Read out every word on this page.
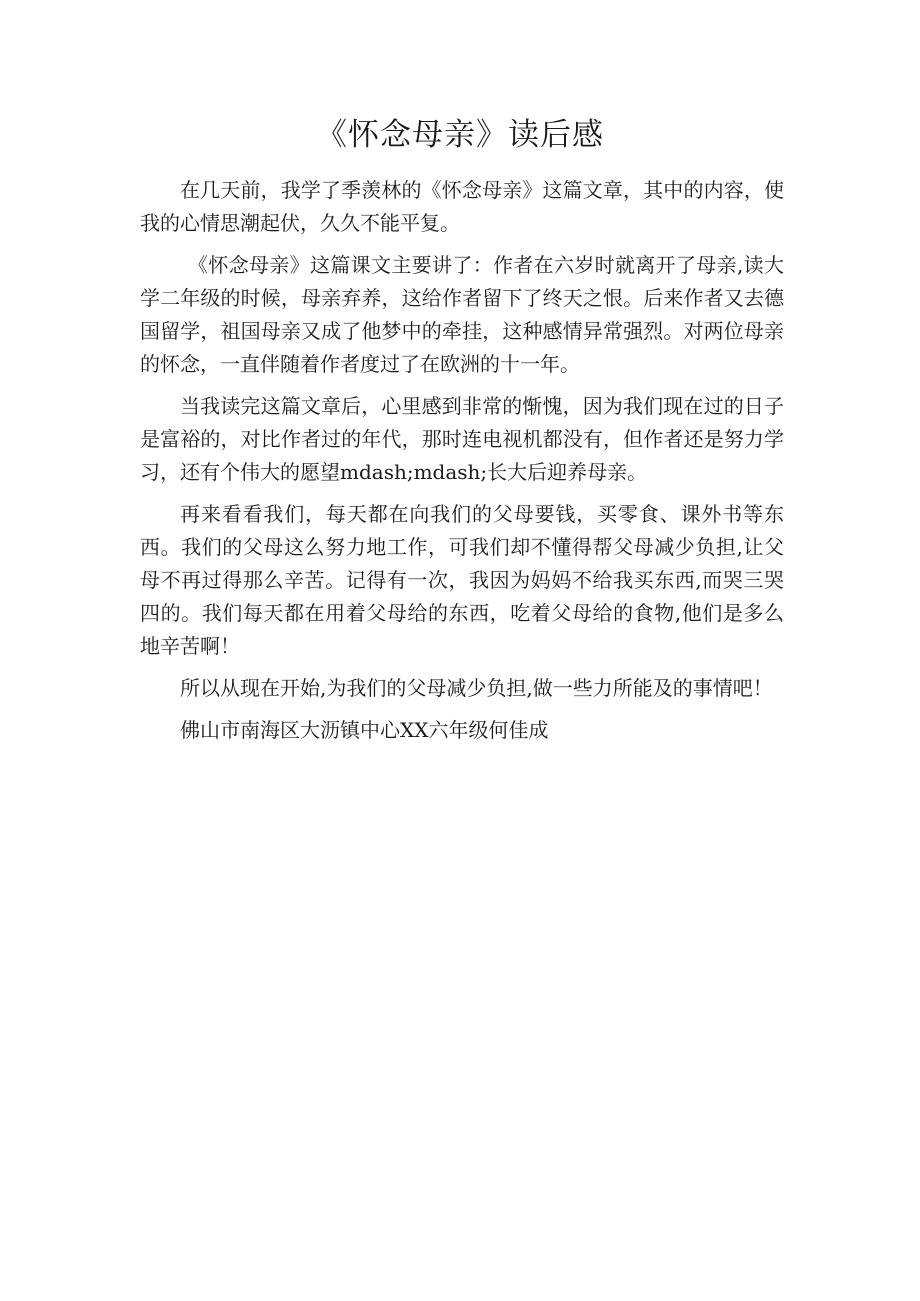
《怀念母亲》读后感

在几天前，我学了季羡林的《怀念母亲》这篇文章，其中的内容，使我的心情思潮起伏，久久不能平复。

《怀念母亲》这篇课文主要讲了：作者在六岁时就离开了母亲,读大学二年级的时候，母亲弃养，这给作者留下了终天之恨。后来作者又去德国留学，祖国母亲又成了他梦中的牵挂，这种感情异常强烈。对两位母亲的怀念，一直伴随着作者度过了在欧洲的十一年。

当我读完这篇文章后，心里感到非常的惭愧，因为我们现在过的日子是富裕的，对比作者过的年代，那时连电视机都没有，但作者还是努力学习，还有个伟大的愿望mdash;mdash;长大后迎养母亲。

再来看看我们，每天都在向我们的父母要钱，买零食、课外书等东西。我们的父母这么努力地工作，可我们却不懂得帮父母减少负担,让父母不再过得那么辛苦。记得有一次，我因为妈妈不给我买东西,而哭三哭四的。我们每天都在用着父母给的东西，吃着父母给的食物,他们是多么地辛苦啊！

所以从现在开始,为我们的父母减少负担,做一些力所能及的事情吧！

佛山市南海区大沥镇中心XX六年级何佳成
